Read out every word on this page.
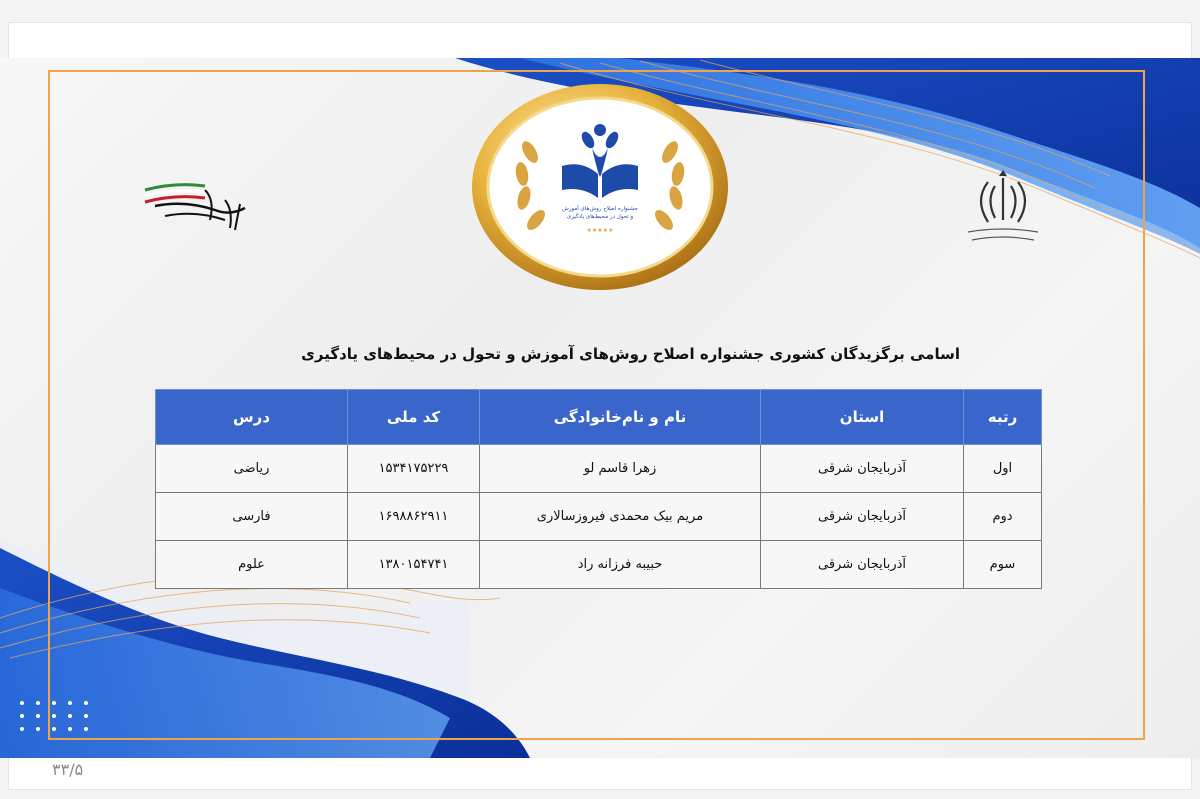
جشنواره اصلاح روش‌های آموزش
و تحول در محیط‌های یادگیری
★★★★★
اسامی برگزیدگان کشوری جشنواره اصلاح روش‌های آموزش و تحول در محیط‌های یادگیری
رتبه	استان	نام و نام‌خانوادگی	کد ملی	درس
اول	آذربایجان شرقی	زهرا قاسم لو	۱۵۳۴۱۷۵۲۲۹	ریاضی
دوم	آذربایجان شرقی	مریم بیک محمدی فیروزسالاری	۱۶۹۸۸۶۲۹۱۱	فارسی
سوم	آذربایجان شرقی	حبیبه فرزانه راد	۱۳۸۰۱۵۴۷۴۱	علوم
۳۳/۵
